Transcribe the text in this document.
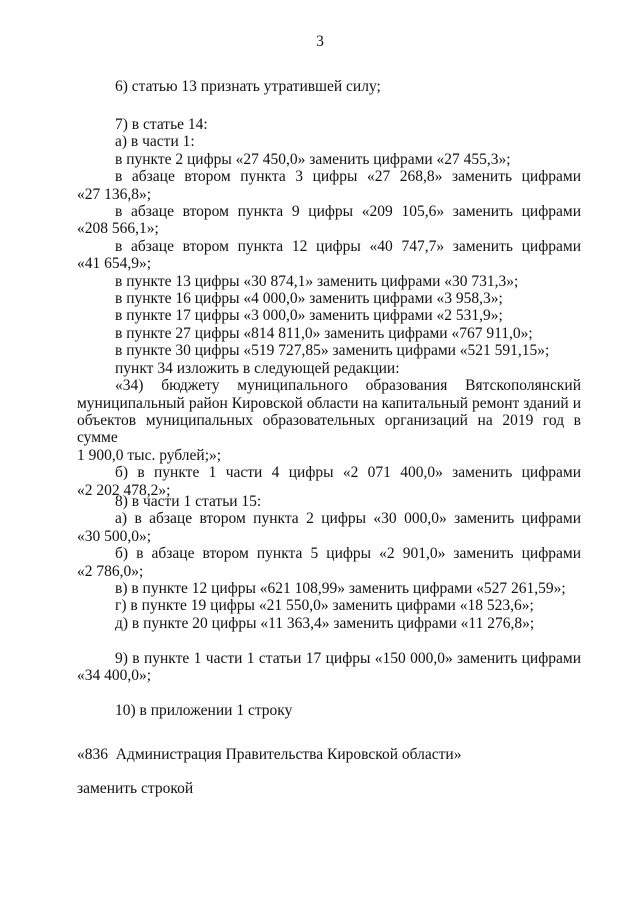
3
6) статью 13 признать утратившей силу;
7) в статье 14:
а) в части 1:
в пункте 2 цифры «27 450,0» заменить цифрами «27 455,3»;
в абзаце втором пункта 3 цифры «27 268,8» заменить цифрами
«27 136,8»;
в абзаце втором пункта 9 цифры «209 105,6» заменить цифрами
«208 566,1»;
в абзаце втором пункта 12 цифры «40 747,7» заменить цифрами
«41 654,9»;
в пункте 13 цифры «30 874,1» заменить цифрами «30 731,3»;
в пункте 16 цифры «4 000,0» заменить цифрами «3 958,3»;
в пункте 17 цифры «3 000,0» заменить цифрами «2 531,9»;
в пункте 27 цифры «814 811,0» заменить цифрами «767 911,0»;
в пункте 30 цифры «519 727,85» заменить цифрами «521 591,15»;
пункт 34 изложить в следующей редакции:
«34) бюджету муниципального образования Вятскополянский
муниципальный район Кировской области на капитальный ремонт зданий и
объектов муниципальных образовательных организаций на 2019 год в сумме
1 900,0 тыс. рублей;»;
б) в пункте 1 части 4 цифры «2 071 400,0» заменить цифрами
«2 202 478,2»;
8) в части 1 статьи 15:
а) в абзаце втором пункта 2 цифры «30 000,0» заменить цифрами
«30 500,0»;
б) в абзаце втором пункта 5 цифры «2 901,0» заменить цифрами
«2 786,0»;
в) в пункте 12 цифры «621 108,99» заменить цифрами «527 261,59»;
г) в пункте 19 цифры «21 550,0» заменить цифрами «18 523,6»;
д) в пункте 20 цифры «11 363,4» заменить цифрами «11 276,8»;
9) в пункте 1 части 1 статьи 17 цифры «150 000,0» заменить цифрами
«34 400,0»;
10) в приложении 1 строку
«836  Администрация Правительства Кировской области»
заменить строкой
